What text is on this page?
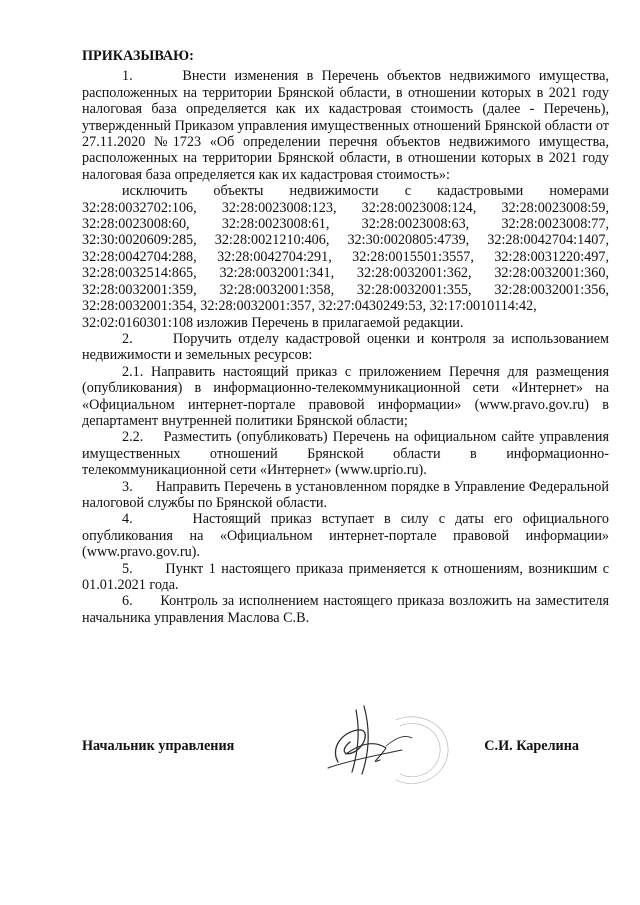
ПРИКАЗЫВАЮ:

1.      Внести изменения в Перечень объектов недвижимого имущества, расположенных на территории Брянской области, в отношении которых в 2021 году налоговая база определяется как их кадастровая стоимость (далее - Перечень), утвержденный Приказом управления имущественных отношений Брянской области от 27.11.2020 №1723 «Об определении перечня объектов недвижимого имущества, расположенных на территории Брянской области, в отношении которых в 2021 году налоговая база определяется как их кадастровая стоимость»:

исключить объекты недвижимости с кадастровыми номерами

32:28:0032702:106, 32:28:0023008:123, 32:28:0023008:124, 32:28:0023008:59, 32:28:0023008:60, 32:28:0023008:61, 32:28:0023008:63, 32:28:0023008:77, 32:30:0020609:285, 32:28:0021210:406, 32:30:0020805:4739, 32:28:0042704:1407, 32:28:0042704:288, 32:28:0042704:291, 32:28:0015501:3557, 32:28:0031220:497, 32:28:0032514:865, 32:28:0032001:341, 32:28:0032001:362, 32:28:0032001:360, 32:28:0032001:359, 32:28:0032001:358, 32:28:0032001:355, 32:28:0032001:356, 32:28:0032001:354, 32:28:0032001:357, 32:27:0430249:53, 32:17:0010114:42,

32:02:0160301:108 изложив Перечень в прилагаемой редакции.

2.      Поручить отделу кадастровой оценки и контроля за использованием недвижимости и земельных ресурсов:

2.1. Направить настоящий приказ с приложением Перечня для размещения (опубликования) в информационно-телекоммуникационной сети «Интернет» на «Официальном интернет-портале правовой информации» (www.pravo.gov.ru) в департамент внутренней политики Брянской области;

2.2.    Разместить (опубликовать) Перечень на официальном сайте управления имущественных отношений Брянской области в информационно-телекоммуникационной сети «Интернет» (www.uprio.ru).

3.      Направить Перечень в установленном порядке в Управление Федеральной налоговой службы по Брянской области.

4.      Настоящий приказ вступает в силу с даты его официального опубликования на «Официальном интернет-портале правовой информации» (www.pravo.gov.ru).

5.      Пункт 1 настоящего приказа применяется к отношениям, возникшим с 01.01.2021 года.

6.      Контроль за исполнением настоящего приказа возложить на заместителя начальника управления Маслова С.В.

Начальник управления	С.И. Карелина
